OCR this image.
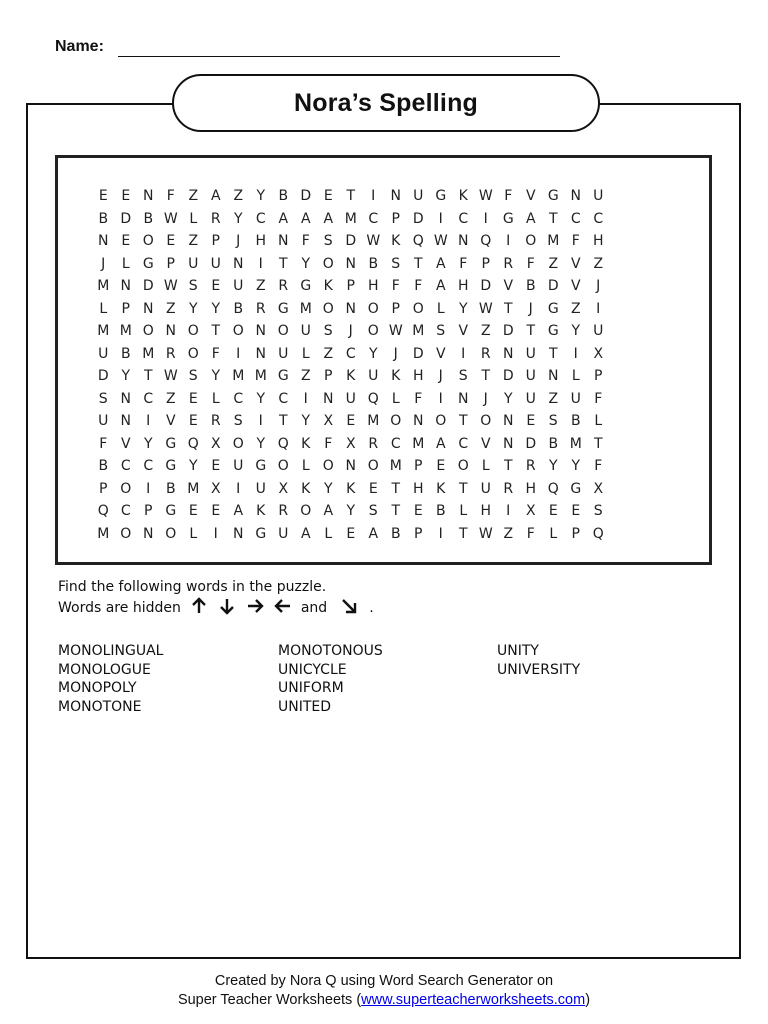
Name:
Nora’s Spelling
E E N F Z A Z Y B D E T I N U G K W F V G N U
B D B W L R Y C A A A M C P D I C I G A T C C
N E O E Z P J H N F S D W K Q W N Q I O M F H
J L G P U U N I T Y O N B S T A F P R F Z V Z
M N D W S E U Z R G K P H F F A H D V B D V J
L P N Z Y Y B R G M O N O P O L Y W T J G Z I
M M O N O T O N O U S J O W M S V Z D T G Y U
U B M R O F I N U L Z C Y J D V I R N U T I X
D Y T W S Y M M G Z P K U K H J S T D U N L P
S N C Z E L C Y C I N U Q L F I N J Y U Z U F
U N I V E R S I T Y X E M O N O T O N E S B L
F V Y G Q X O Y Q K F X R C M A C V N D B M T
B C C G Y E U G O L O N O M P E O L T R Y Y F
P O I B M X I U X K Y K E T H K T U R H Q G X
Q C P G E E A K R O A Y S T E B L H I X E E S
M O N O L I N G U A L E A B P I T W Z F L P Q
Find the following words in the puzzle.
Words are hidden	and	.
MONOLINGUAL
MONOLOGUE
MONOPOLY
MONOTONE
MONOTONOUS
UNICYCLE
UNIFORM
UNITED
UNITY
UNIVERSITY
Created by Nora Q using Word Search Generator on
Super Teacher Worksheets (www.superteacherworksheets.com)
